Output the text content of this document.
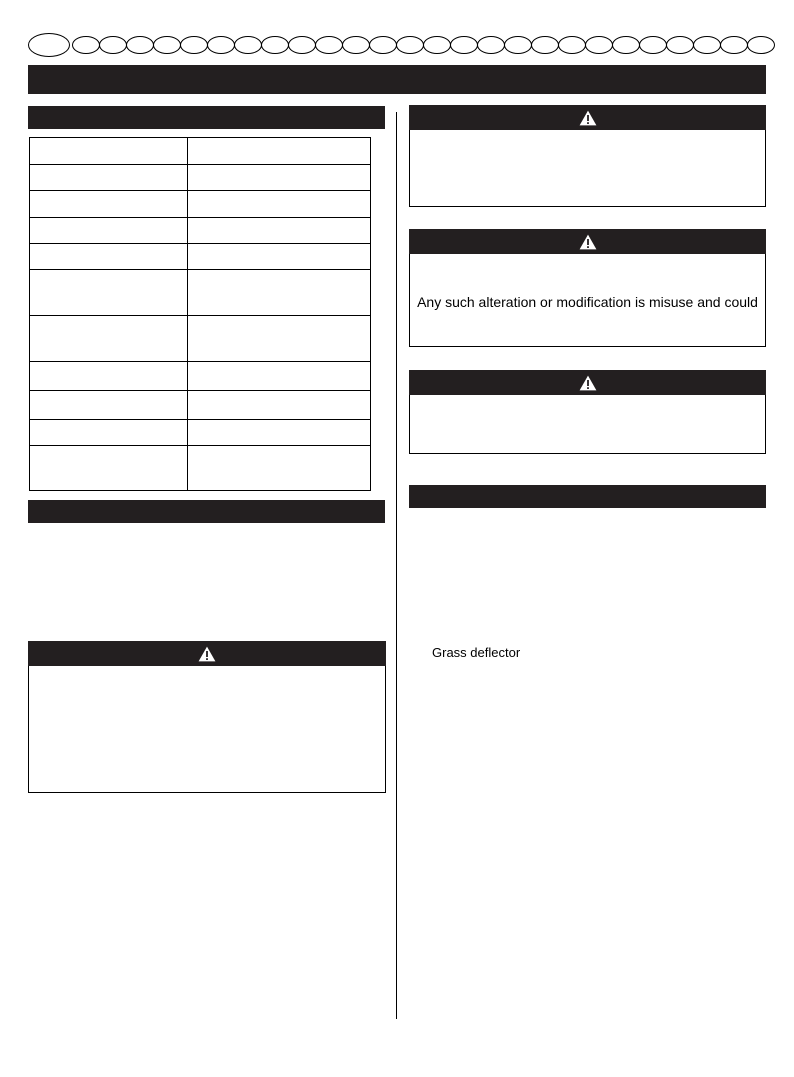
Any such alteration or modification is misuse and could
Grass deflector
